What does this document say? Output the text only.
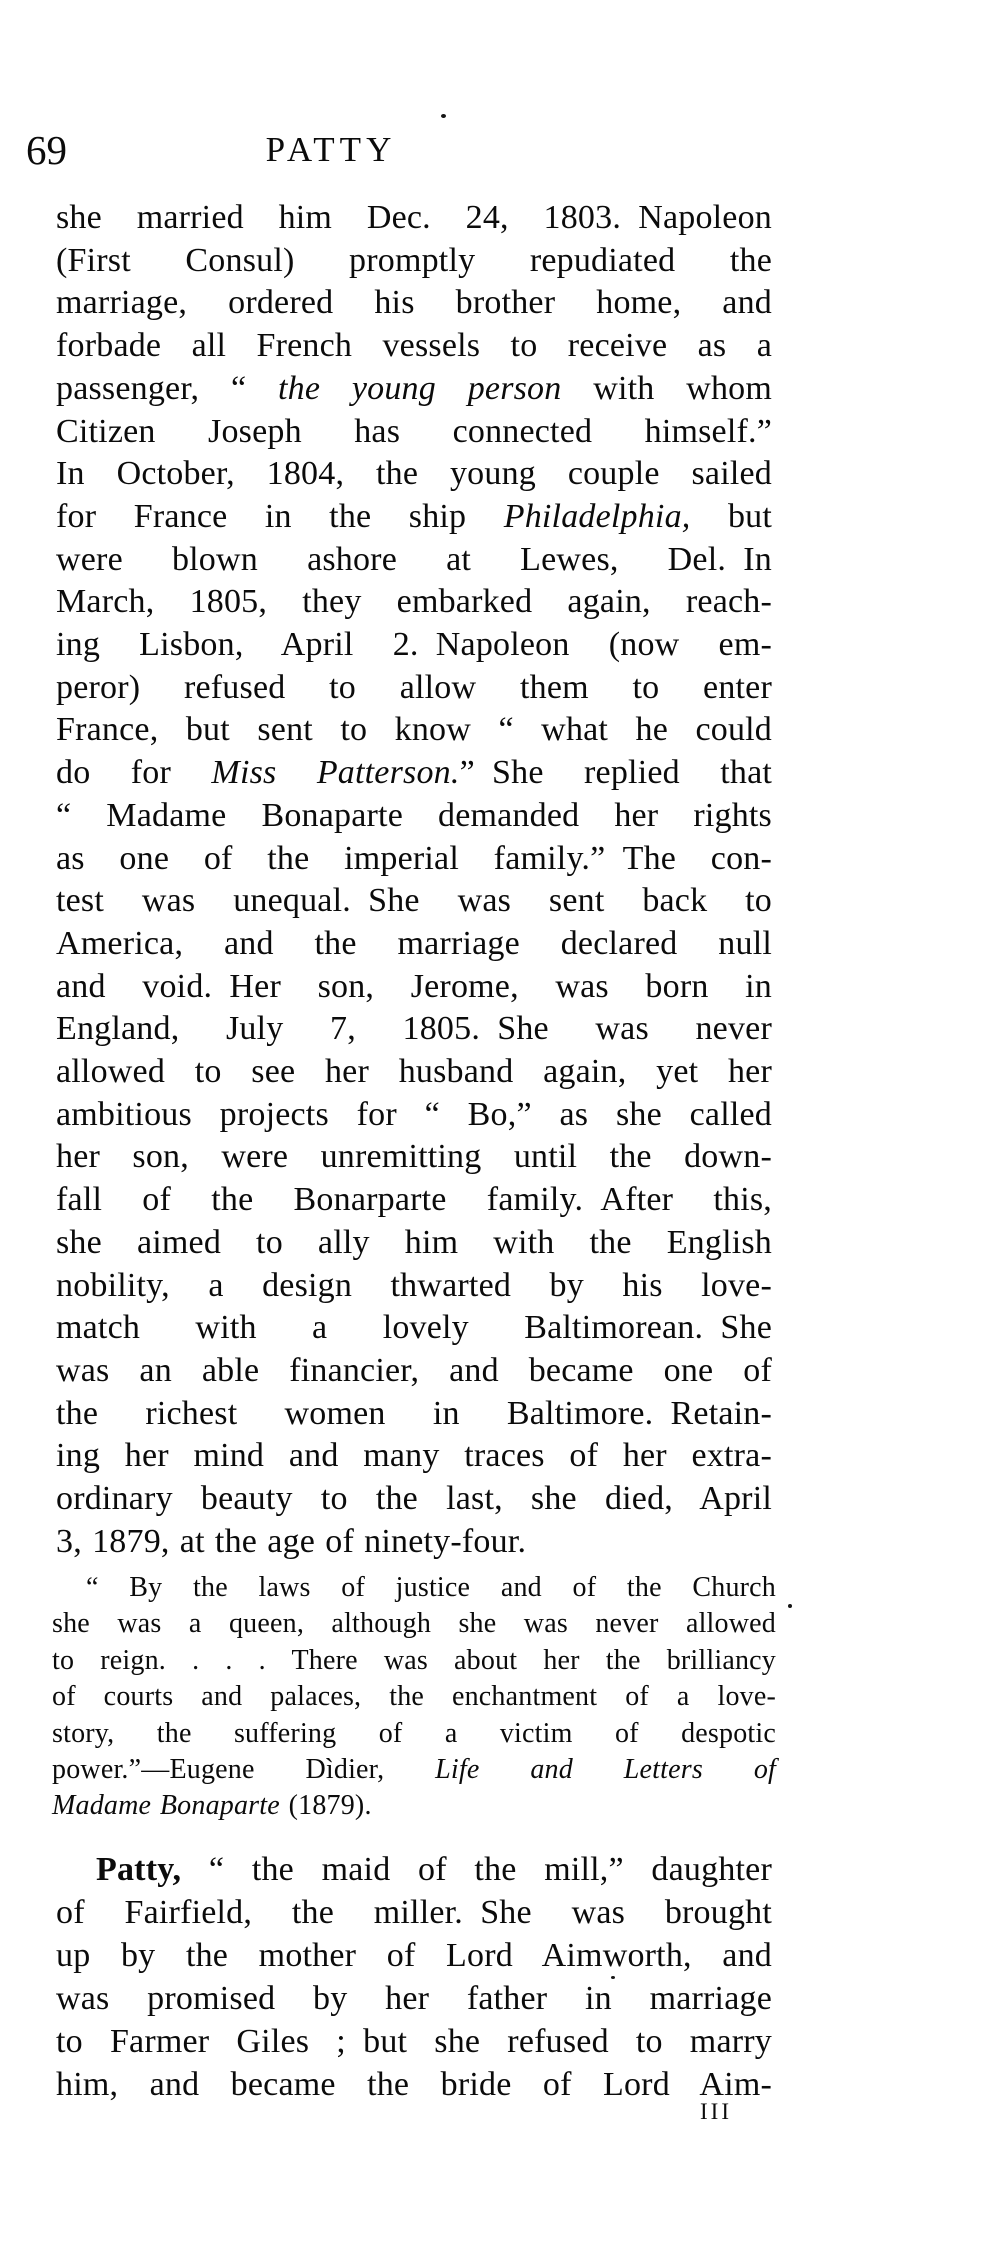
69	PATTY
she married him Dec. 24, 1803. Napoleon
(First Consul) promptly repudiated the
marriage, ordered his brother home, and
forbade all French vessels to receive as a
passenger, “ the young person with whom
Citizen Joseph has connected himself.”
In October, 1804, the young couple sailed
for France in the ship Philadelphia, but
were blown ashore at Lewes, Del. In
March, 1805, they embarked again, reach-
ing Lisbon, April 2. Napoleon (now em-
peror) refused to allow them to enter
France, but sent to know “ what he could
do for Miss Patterson.” She replied that
“ Madame Bonaparte demanded her rights
as one of the imperial family.” The con-
test was unequal. She was sent back to
America, and the marriage declared null
and void. Her son, Jerome, was born in
England, July 7, 1805. She was never
allowed to see her husband again, yet her
ambitious projects for “ Bo,” as she called
her son, were unremitting until the down-
fall of the Bonarparte family. After this,
she aimed to ally him with the English
nobility, a design thwarted by his love-
match with a lovely Baltimorean. She
was an able financier, and became one of
the richest women in Baltimore. Retain-
ing her mind and many traces of her extra-
ordinary beauty to the last, she died, April
3, 1879, at the age of ninety-four.
“ By the laws of justice and of the Church
she was a queen, although she was never allowed
to reign. . . . There was about her the brilliancy
of courts and palaces, the enchantment of a love-
story, the suffering of a victim of despotic
power.”—Eugene Dìdier, Life and Letters of
Madame Bonaparte (1879).
Patty, “ the maid of the mill,” daughter
of Fairfield, the miller. She was brought
up by the mother of Lord Aimworth, and
was promised by her father in marriage
to Farmer Giles ; but she refused to marry
him, and became the bride of Lord Aim-
III
